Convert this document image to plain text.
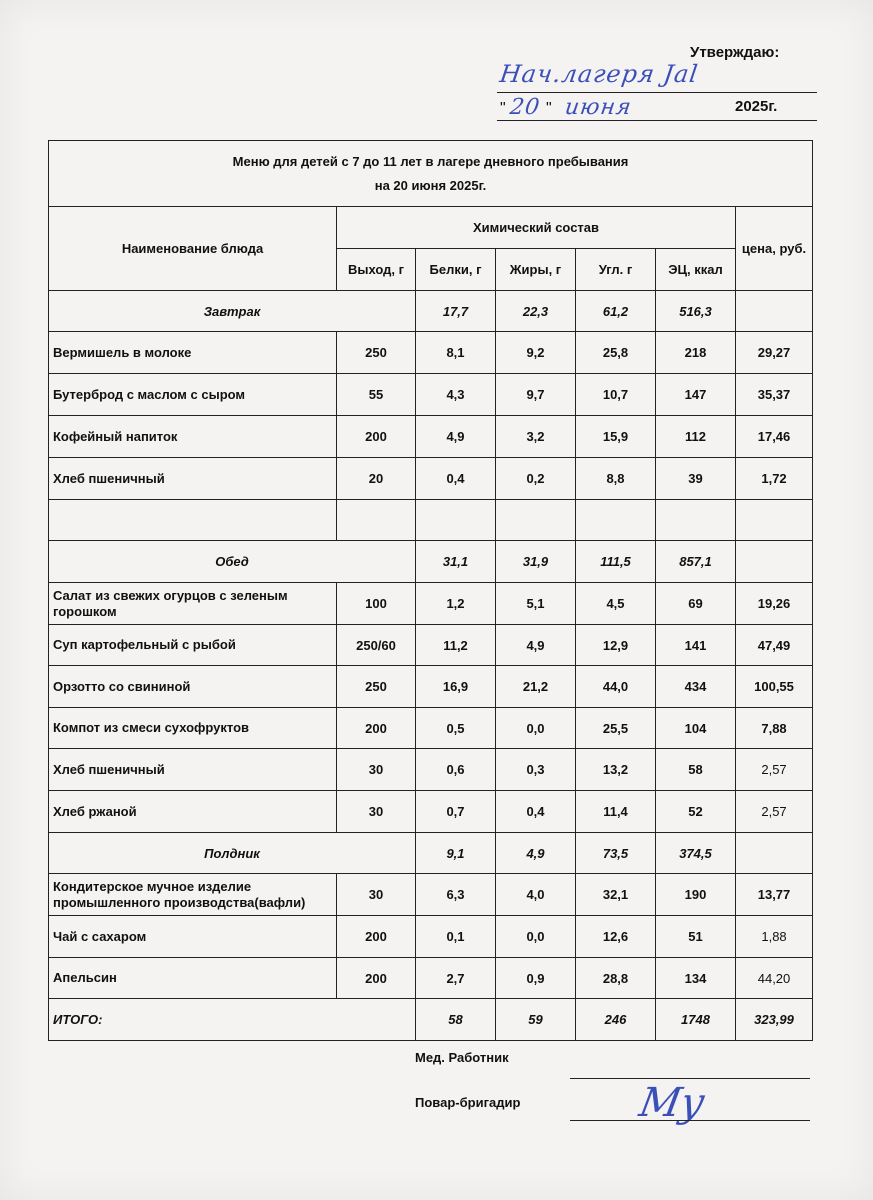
Утверждаю:
Нач.лагеря Jal
" 20 " июня	2025г.
Меню для детей с 7 до 11 лет в лагере дневного пребывания
на 20 июня 2025г.						

Наименование блюда	Химический состав					цена, руб.
	Выход, г	Белки, г	Жиры, г	Угл. г	ЭЦ, ккал	
Завтрак		17,7	22,3	61,2	516,3	
Вермишель в молоке	250	8,1	9,2	25,8	218	29,27
Бутерброд с маслом с сыром	55	4,3	9,7	10,7	147	35,37
Кофейный напиток	200	4,9	3,2	15,9	112	17,46
Хлеб пшеничный	20	0,4	0,2	8,8	39	1,72

Обед		31,1	31,9	111,5	857,1	
Салат из свежих огурцов с зеленым горошком	100	1,2	5,1	4,5	69	19,26
Суп картофельный с рыбой	250/60	11,2	4,9	12,9	141	47,49
Орзотто со свининой	250	16,9	21,2	44,0	434	100,55
Компот из смеси сухофруктов	200	0,5	0,0	25,5	104	7,88
Хлеб пшеничный	30	0,6	0,3	13,2	58	2,57
Хлеб ржаной	30	0,7	0,4	11,4	52	2,57
Полдник		9,1	4,9	73,5	374,5	
Кондитерское мучное изделие промышленного производства(вафли)	30	6,3	4,0	32,1	190	13,77
Чай с сахаром	200	0,1	0,0	12,6	51	1,88
Апельсин	200	2,7	0,9	28,8	134	44,20
ИТОГО:		58	59	246	1748	323,99
Мед. Работник
Повар-бригадир	Му
